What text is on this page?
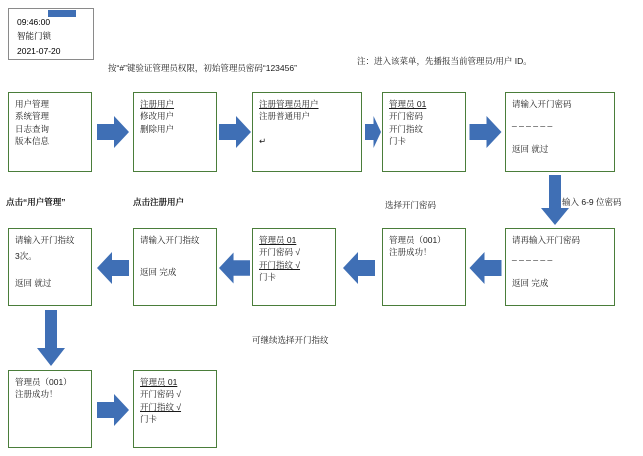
09:46:00
智能门锁
2021-07-20
按“#”键验证管理员权限，初始管理员密码“123456”
注：进入该菜单，先播报当前管理员/用户 ID。
点击“用户管理”	点击注册用户	选择开门密码	输入 6-9 位密码
可继续选择开门指纹
用户管理
系统管理
日志查询
版本信息
注册用户
修改用户
删除用户
注册管理员用户
注册普通用户
↵
管理员 01
开门密码
开门指纹
门卡
请输入开门密码
_ _ _ _ _ _
返回 就过
请再输入开门密码
_ _ _ _ _ _
返回 完成
管理员（001）
注册成功！
管理员 01
开门密码 √
开门指纹 √
门卡
请输入开门指纹
返回 完成
请输入开门指纹
3次。
返回 就过
管理员（001）
注册成功！
管理员 01
开门密码 √
开门指纹 √
门卡
